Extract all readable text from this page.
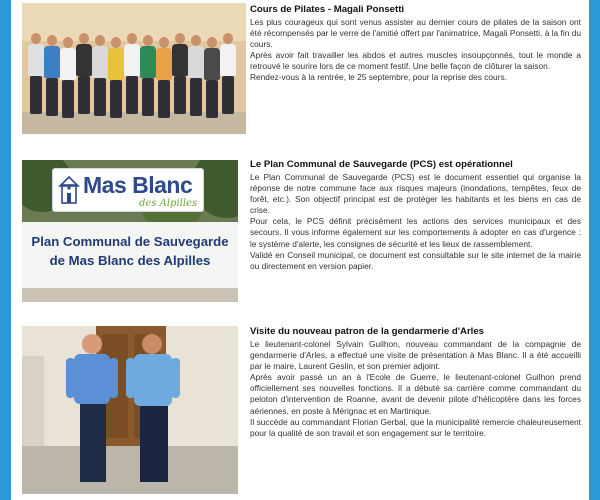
Cours de Pilates - Magali Ponsetti

Les plus courageux qui sont venus assister au dernier cours de pilates de la saison ont été récompensés par le verre de l'amitié offert par l'animatrice, Magali Ponsetti, à la fin du cours.

Après avoir fait travailler les abdos et autres muscles insoupçonnés, tout le monde a retrouvé le sourire lors de ce moment festif. Une belle façon de clôturer la saison.

Rendez-vous à la rentrée, le 25 septembre, pour la reprise des cours.

Mas Blanc
des Alpilles
Plan Communal de Sauvegarde
de Mas Blanc des Alpilles
Le Plan Communal de Sauvegarde (PCS) est opérationnel

Le Plan Communal de Sauvegarde (PCS) est le document essentiel qui organise la réponse de notre commune face aux risques majeurs (inondations, tempêtes, feux de forêt, etc.). Son objectif principal est de protéger les habitants et les biens en cas de crise.

Pour cela, le PCS définit précisément les actions des services municipaux et des secours. Il vous informe également sur les comportements à adopter en cas d'urgence : le système d'alerte, les consignes de sécurité et les lieux de rassemblement.

Validé en Conseil municipal, ce document est consultable sur le site internet de la mairie ou directement en version papier.

Visite du nouveau patron de la gendarmerie d'Arles

Le lieutenant-colonel Sylvain Guilhon, nouveau commandant de la compagnie de gendarmerie d'Arles, a effectué une visite de présentation à Mas Blanc. Il a été accueilli par le maire, Laurent Geslin, et son premier adjoint.

Après avoir passé un an à l'Ecole de Guerre, le lieutenant-colonel Guilhon prend officiellement ses nouvelles fonctions. Il a débuté sa carrière comme commandant du peloton d'intervention de Roanne, avant de devenir pilote d'hélicoptère dans les forces aériennes, en poste à Mérignac et en Martinique.

Il succède au commandant Florian Gerbal, que la municipalité remercie chaleureusement pour la qualité de son travail et son engagement sur le territoire.
